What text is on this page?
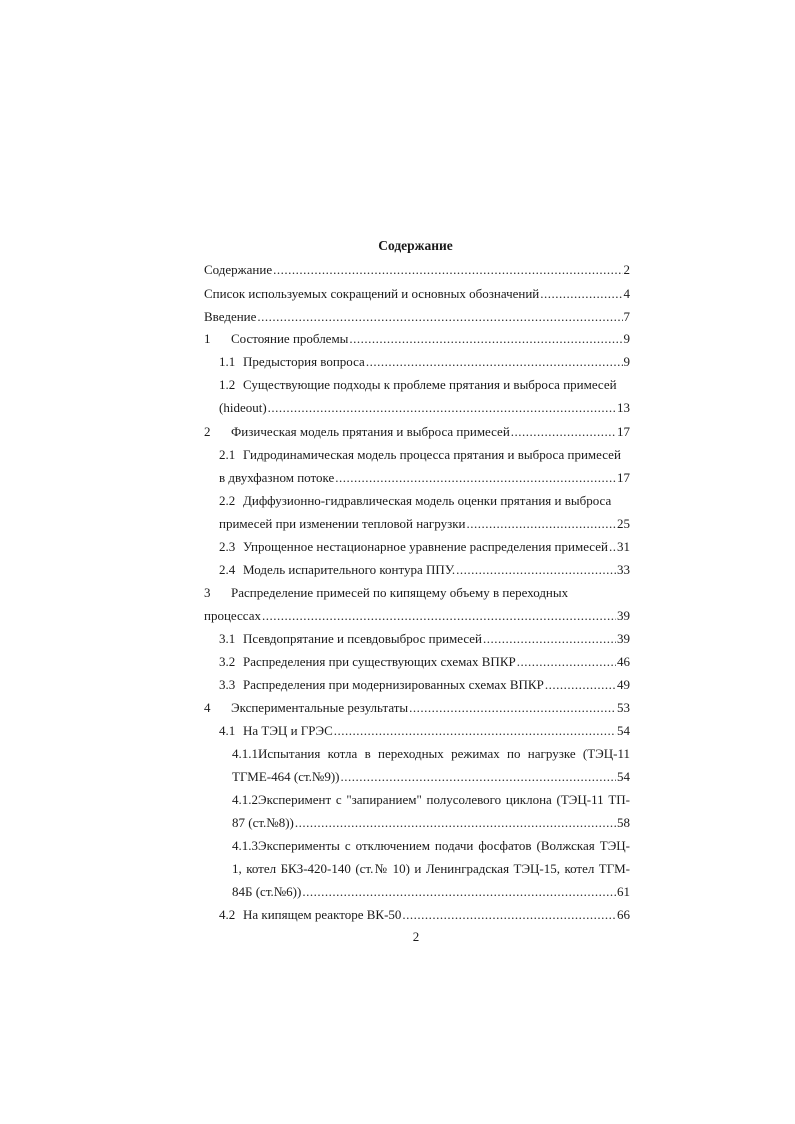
Содержание
Содержание .....	2
Список используемых сокращений и основных обозначений .....	4
Введение .....	7
1	Состояние проблемы .....	9
1.1 Предыстория вопроса .....	9
1.2 Существующие подходы к проблеме прятания и выброса примесей
(hideout) .....	13
2	Физическая модель прятания и выброса примесей .....	17
2.1 Гидродинамическая модель процесса прятания и выброса примесей
в двухфазном потоке .....	17
2.2 Диффузионно-гидравлическая модель оценки прятания и выброса
примесей при изменении тепловой нагрузки .....	25
2.3 Упрощенное нестационарное уравнение распределения примесей ..... 31
2.4 Модель испарительного контура ППУ. .....	33
3	Распределение примесей по кипящему объему в переходных
процессах .....	39
3.1 Псевдопрятание и псевдовыброс примесей .....	39
3.2 Распределения при существующих схемах ВПКР .....	46
3.3 Распределения при модернизированных схемах ВПКР .....	49
4	Экспериментальные результаты .....	53
4.1 На ТЭЦ и ГРЭС .....	54
4.1.1 Испытания котла в переходных режимах по нагрузке (ТЭЦ-11
ТГМЕ-464 (ст.№9)) .....	54
4.1.2 Эксперимент с "запиранием" полусолевого циклона (ТЭЦ-11 ТП-
87 (ст.№8)) .....	58
4.1.3 Эксперименты с отключением подачи фосфатов (Волжская ТЭЦ-
1, котел БКЗ-420-140 (ст.№ 10) и Ленинградская ТЭЦ-15, котел ТГМ-
84Б (ст.№6)) .....	61
4.2 На кипящем реакторе ВК-50 .....	66
2
